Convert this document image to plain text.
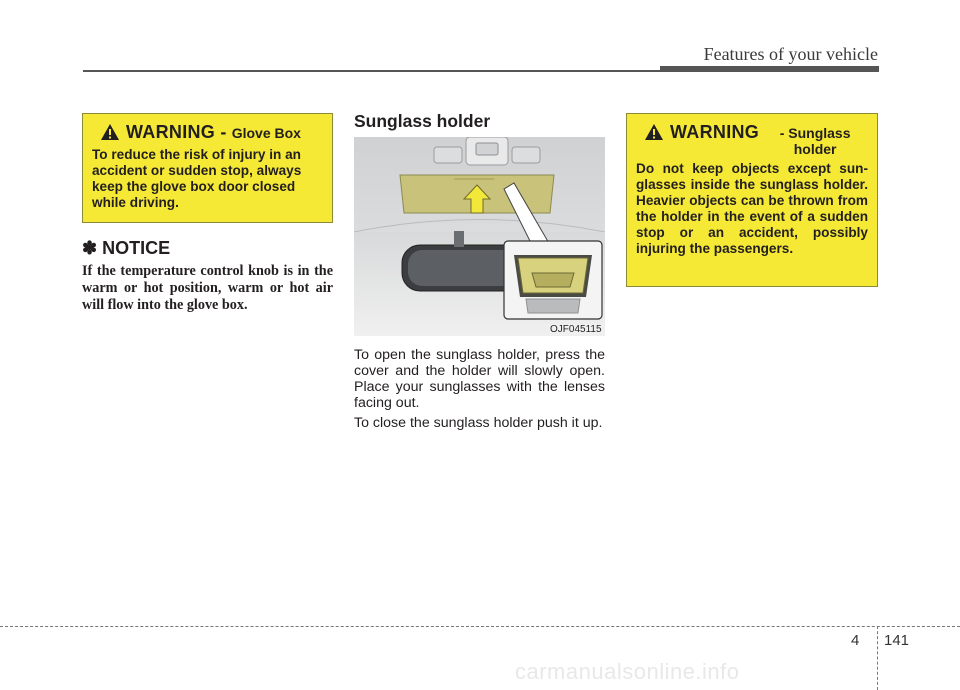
Features of your vehicle
WARNING - Glove Box
To reduce the risk of injury in an accident or sudden stop, always keep the glove box door closed while driving.
✽ NOTICE
If the temperature control knob is in the warm or hot position, warm or hot air will flow into the glove box.
Sunglass holder
OJF045115

To open the sunglass holder, press the cover and the holder will slowly open. Place your sunglasses with the lenses facing out.

To close the sunglass holder push it up.

WARNING	- Sunglass holder
Do not keep objects except sun-glasses inside the sunglass holder. Heavier objects can be thrown from the holder in the event of a sudden stop or an accident, possibly injuring the passengers.
4 141
carmanualsonline.info
